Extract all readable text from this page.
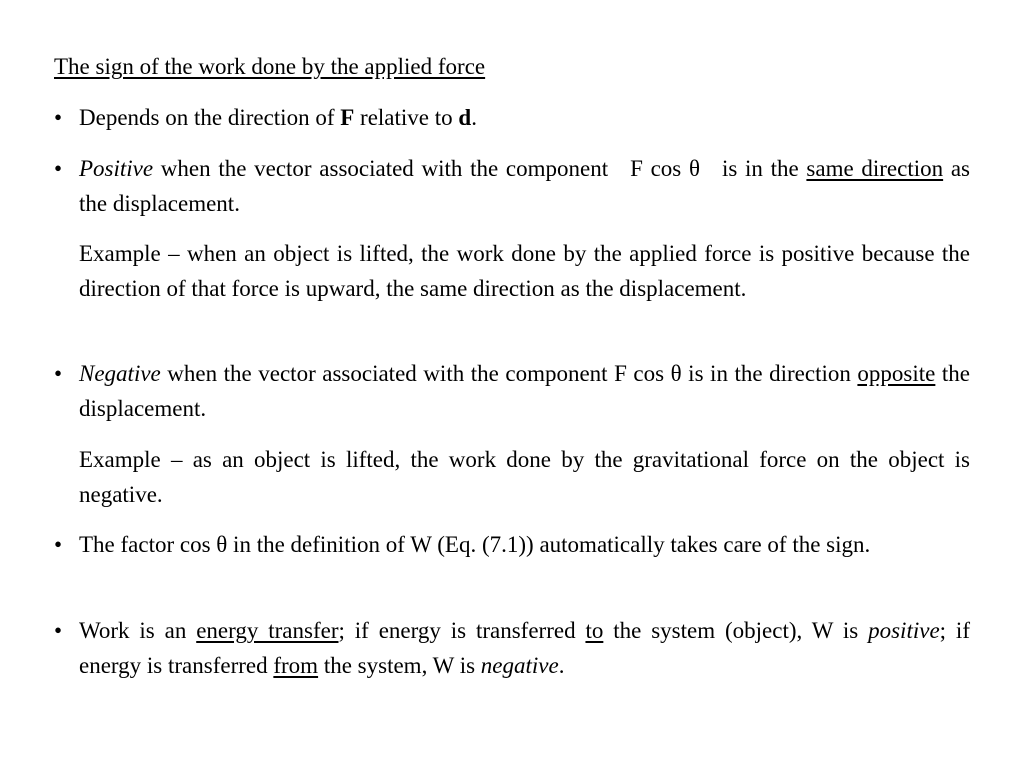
The sign of the work done by the applied force

• Depends on the direction of F relative to d.

• Positive when the vector associated with the component F cos θ is in the same direction as the displacement.

Example – when an object is lifted, the work done by the applied force is positive because the direction of that force is upward, the same direction as the displacement.

• Negative when the vector associated with the component F cos θ is in the direction opposite the displacement.

Example – as an object is lifted, the work done by the gravitational force on the object is negative.

• The factor cos θ in the definition of W (Eq. (7.1)) automatically takes care of the sign.

• Work is an energy transfer; if energy is transferred to the system (object), W is positive; if energy is transferred from the system, W is negative.
